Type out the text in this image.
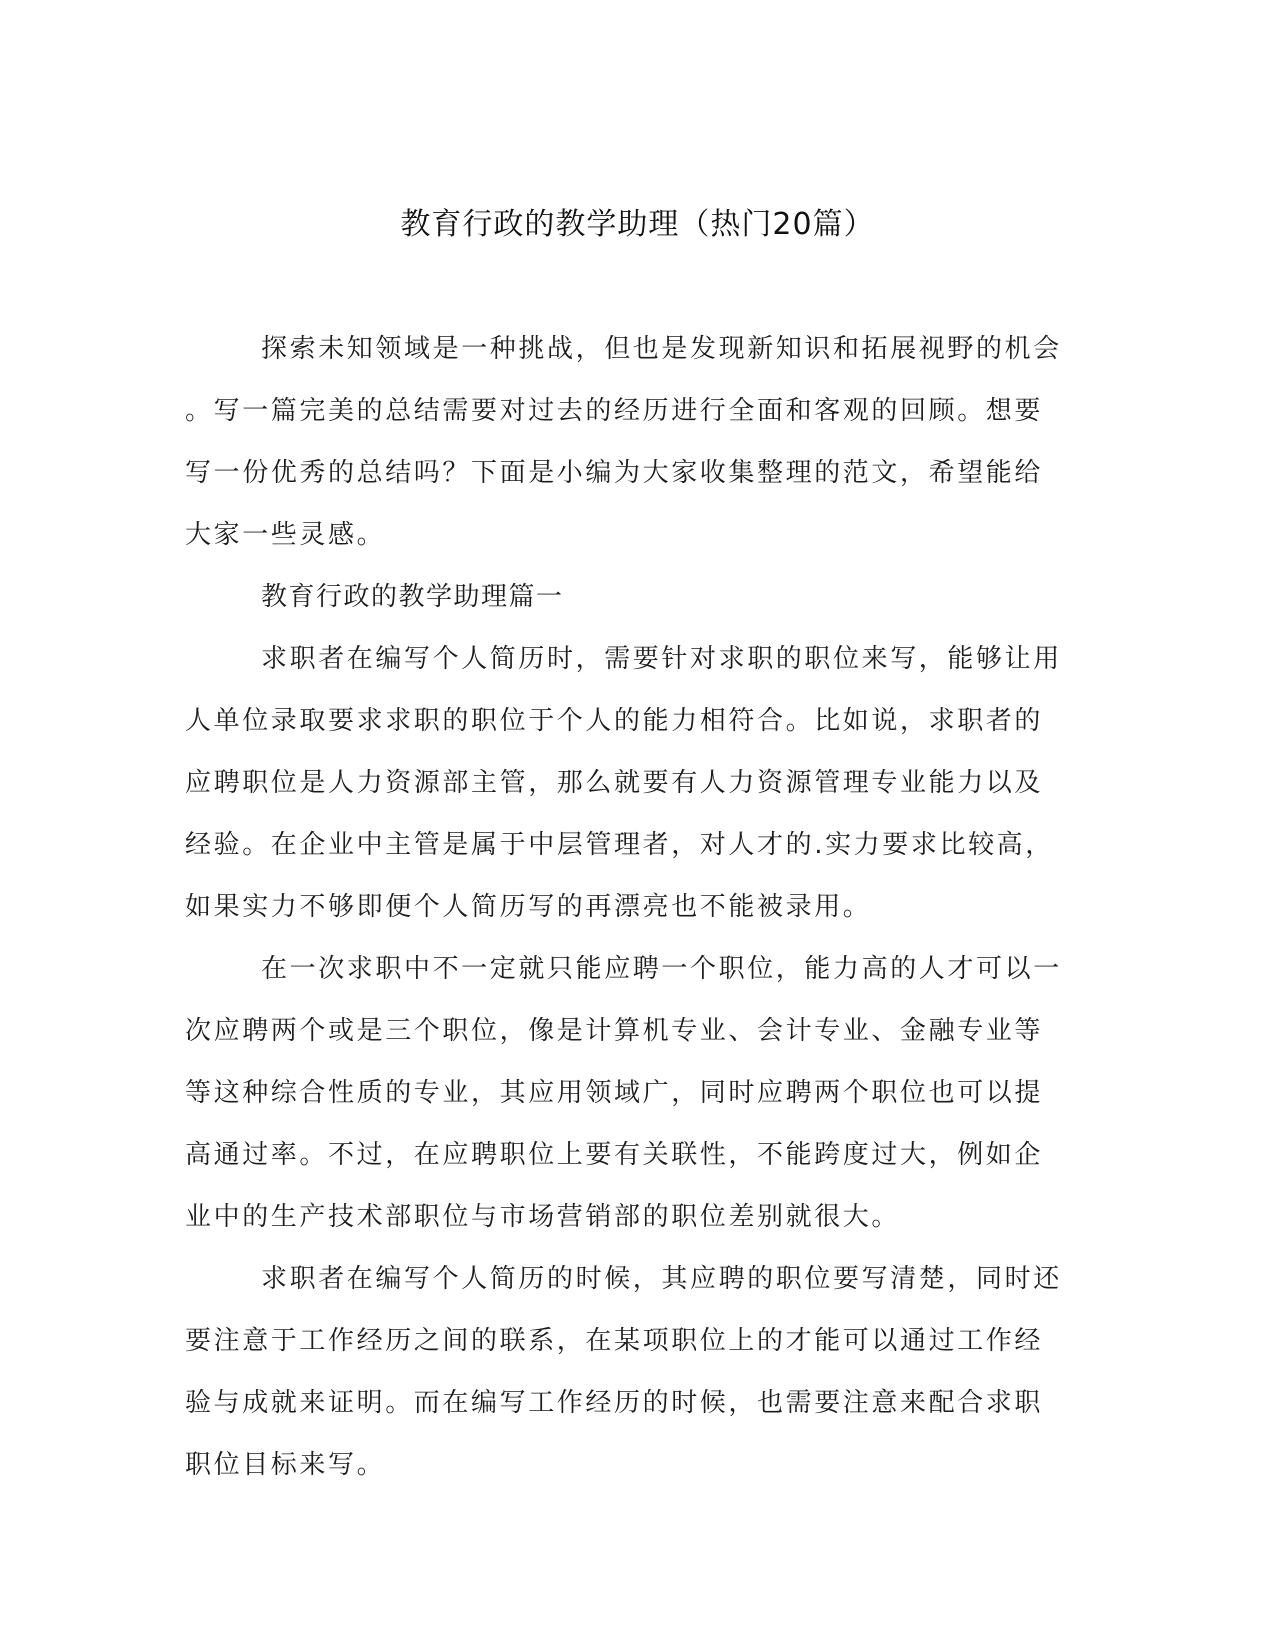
教育行政的教学助理（热门20篇）
探索未知领域是一种挑战，但也是发现新知识和拓展视野的机会
。写一篇完美的总结需要对过去的经历进行全面和客观的回顾。想要
写一份优秀的总结吗？下面是小编为大家收集整理的范文，希望能给
大家一些灵感。
教育行政的教学助理篇一
求职者在编写个人简历时，需要针对求职的职位来写，能够让用
人单位录取要求求职的职位于个人的能力相符合。比如说，求职者的
应聘职位是人力资源部主管，那么就要有人力资源管理专业能力以及
经验。在企业中主管是属于中层管理者，对人才的.实力要求比较高，
如果实力不够即便个人简历写的再漂亮也不能被录用。
在一次求职中不一定就只能应聘一个职位，能力高的人才可以一
次应聘两个或是三个职位，像是计算机专业、会计专业、金融专业等
等这种综合性质的专业，其应用领域广，同时应聘两个职位也可以提
高通过率。不过，在应聘职位上要有关联性，不能跨度过大，例如企
业中的生产技术部职位与市场营销部的职位差别就很大。
求职者在编写个人简历的时候，其应聘的职位要写清楚，同时还
要注意于工作经历之间的联系，在某项职位上的才能可以通过工作经
验与成就来证明。而在编写工作经历的时候，也需要注意来配合求职
职位目标来写。
